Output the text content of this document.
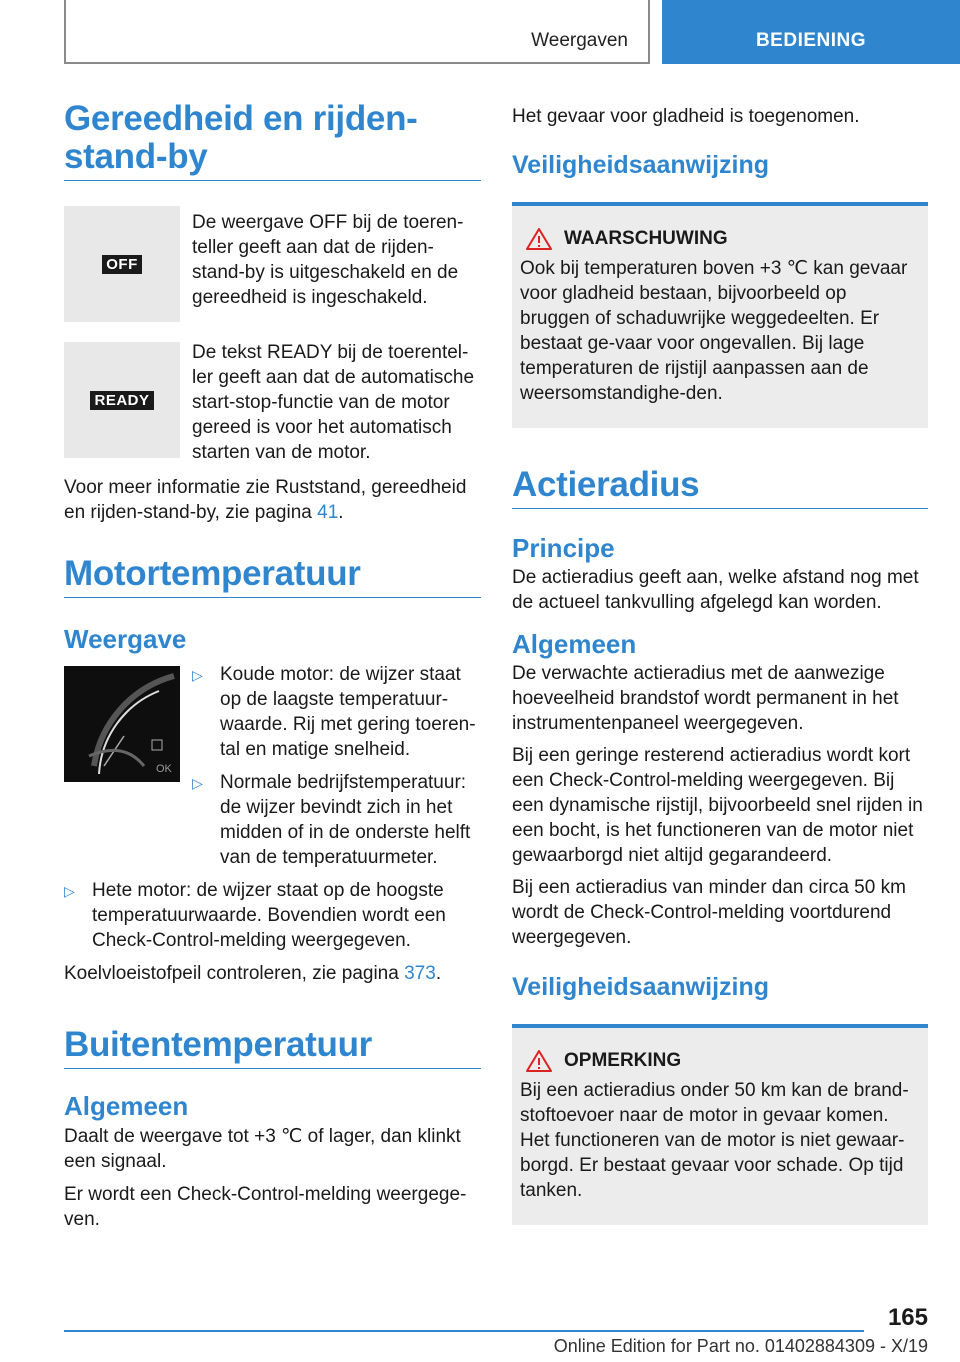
Weergaven	BEDIENING
Gereedheid en rijden-stand-by
OFF

De weergave OFF bij de toeren-teller geeft aan dat de rijden-stand-by is uitgeschakeld en de gereedheid is ingeschakeld.

READY

De tekst READY bij de toerentel-ler geeft aan dat de automatische start-stop-functie van de motor gereed is voor het automatisch starten van de motor.

Voor meer informatie zie Ruststand, gereedheid en rijden-stand-by, zie pagina 41.

Motortemperatuur
Weergave
OK
▷ Koude motor: de wijzer staat op de laagste temperatuur-waarde. Rij met gering toeren-tal en matige snelheid.
▷ Normale bedrijfstemperatuur: de wijzer bevindt zich in het midden of in de onderste helft van de temperatuurmeter.
▷ Hete motor: de wijzer staat op de hoogste temperatuurwaarde. Bovendien wordt een Check-Control-melding weergegeven.

Koelvloeistofpeil controleren, zie pagina 373.

Buitentemperatuur
Algemeen

Daalt de weergave tot +3 ℃ of lager, dan klinkt een signaal.

Er wordt een Check-Control-melding weergege-ven.

Het gevaar voor gladheid is toegenomen.

Veiligheidsaanwijzing
WAARSCHUWING

Ook bij temperaturen boven +3 ℃ kan gevaar voor gladheid bestaan, bijvoorbeeld op bruggen of schaduwrijke weggedeelten. Er bestaat ge-vaar voor ongevallen. Bij lage temperaturen de rijstijl aanpassen aan de weersomstandighe-den.

Actieradius
Principe

De actieradius geeft aan, welke afstand nog met de actueel tankvulling afgelegd kan worden.

Algemeen

De verwachte actieradius met de aanwezige hoeveelheid brandstof wordt permanent in het instrumentenpaneel weergegeven.

Bij een geringe resterend actieradius wordt kort een Check-Control-melding weergegeven. Bij een dynamische rijstijl, bijvoorbeeld snel rijden in een bocht, is het functioneren van de motor niet gewaarborgd niet altijd gegarandeerd.

Bij een actieradius van minder dan circa 50 km wordt de Check-Control-melding voortdurend weergegeven.

Veiligheidsaanwijzing
OPMERKING

Bij een actieradius onder 50 km kan de brand-stoftoevoer naar de motor in gevaar komen. Het functioneren van de motor is niet gewaar-borgd. Er bestaat gevaar voor schade. Op tijd tanken.

165
Online Edition for Part no. 01402884309 - X/19
